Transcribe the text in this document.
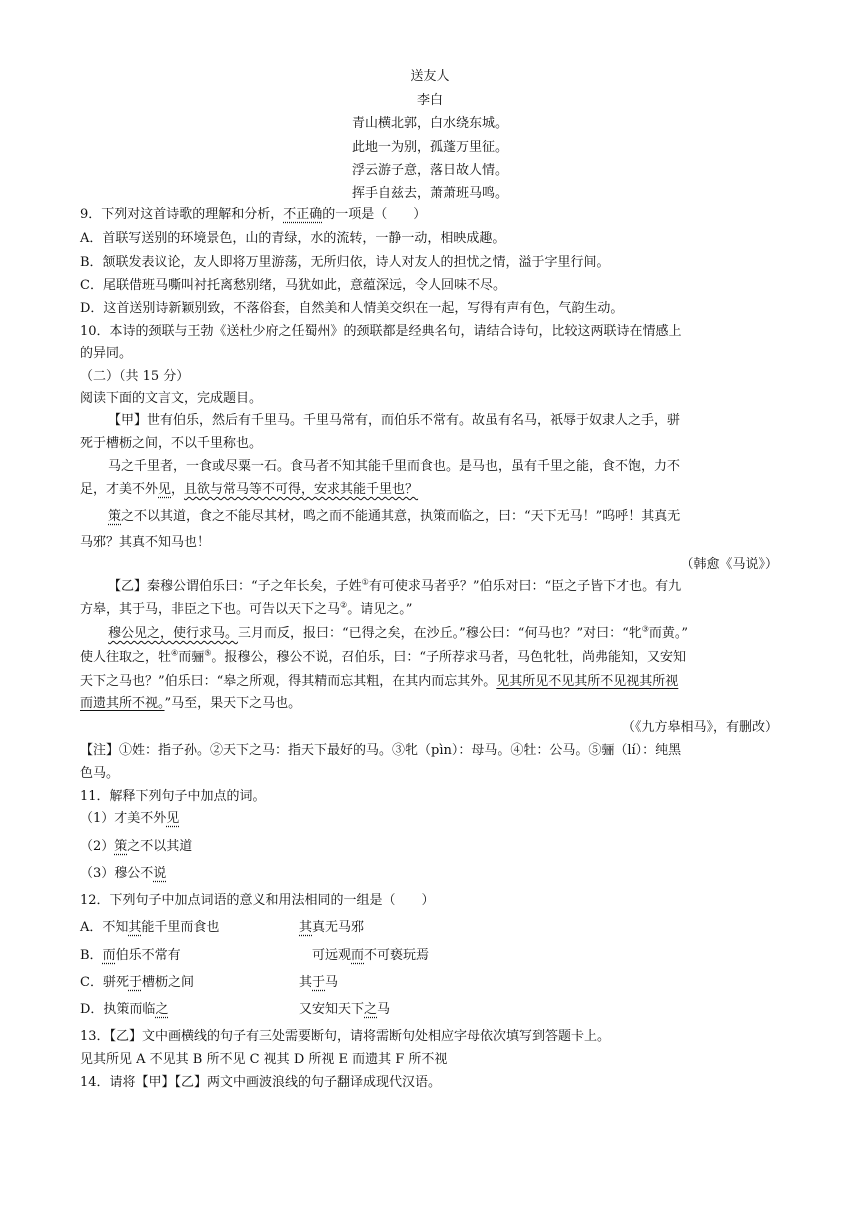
送友人
李白
青山横北郭，白水绕东城。
此地一为别，孤蓬万里征。
浮云游子意，落日故人情。
挥手自兹去，萧萧班马鸣。
9．下列对这首诗歌的理解和分析，不正确的一项是（　　）
A．首联写送别的环境景色，山的青绿，水的流转，一静一动，相映成趣。
B．颔联发表议论，友人即将万里游荡，无所归依，诗人对友人的担忧之情，溢于字里行间。
C．尾联借班马嘶叫衬托离愁别绪，马犹如此，意蕴深远，令人回味不尽。
D．这首送别诗新颖别致，不落俗套，自然美和人情美交织在一起，写得有声有色，气韵生动。
10．本诗的颈联与王勃《送杜少府之任蜀州》的颈联都是经典名句，请结合诗句，比较这两联诗在情感上
的异同。
（二）（共 15 分）
阅读下面的文言文，完成题目。
【甲】世有伯乐，然后有千里马。千里马常有，而伯乐不常有。故虽有名马，祇辱于奴隶人之手，骈
死于槽枥之间，不以千里称也。
马之千里者，一食或尽粟一石。食马者不知其能千里而食也。是马也，虽有千里之能，食不饱，力不
足，才美不外见，且欲与常马等不可得，安求其能千里也？
策之不以其道，食之不能尽其材，鸣之而不能通其意，执策而临之，曰：“天下无马！”呜呼！其真无
马邪？其真不知马也！
（韩愈《马说》）
【乙】秦穆公谓伯乐曰：“子之年长矣，子姓①有可使求马者乎？”伯乐对曰：“臣之子皆下才也。有九
方皋，其于马，非臣之下也。可告以天下之马②。请见之。”
穆公见之，使行求马。三月而反，报曰：“已得之矣，在沙丘。”穆公曰：“何马也？”对曰：“牝③而黄。”
使人往取之，牡④而骊⑤。报穆公，穆公不说，召伯乐，曰：“子所荐求马者，马色牝牡，尚弗能知，又安知
天下之马也？”伯乐曰：“皋之所观，得其精而忘其粗，在其内而忘其外。见其所见不见其所不见视其所视
而遗其所不视。”马至，果天下之马也。
（《九方皋相马》，有删改）
【注】①姓：指子孙。②天下之马：指天下最好的马。③牝（pìn）：母马。④牡：公马。⑤骊（lí）：纯黑
色马。
11．解释下列句子中加点的词。
（1）才美不外见
（2）策之不以其道
（3）穆公不说
12．下列句子中加点词语的意义和用法相同的一组是（　　）
A．不知其能千里而食也	其真无马邪
B．而伯乐不常有	可远观而不可亵玩焉
C．骈死于槽枥之间	其于马
D．执策而临之	又安知天下之马
13．【乙】文中画横线的句子有三处需要断句，请将需断句处相应字母依次填写到答题卡上。
见其所见 A 不见其 B 所不见 C 视其 D 所视 E 而遗其 F 所不视
14．请将【甲】【乙】两文中画波浪线的句子翻译成现代汉语。
